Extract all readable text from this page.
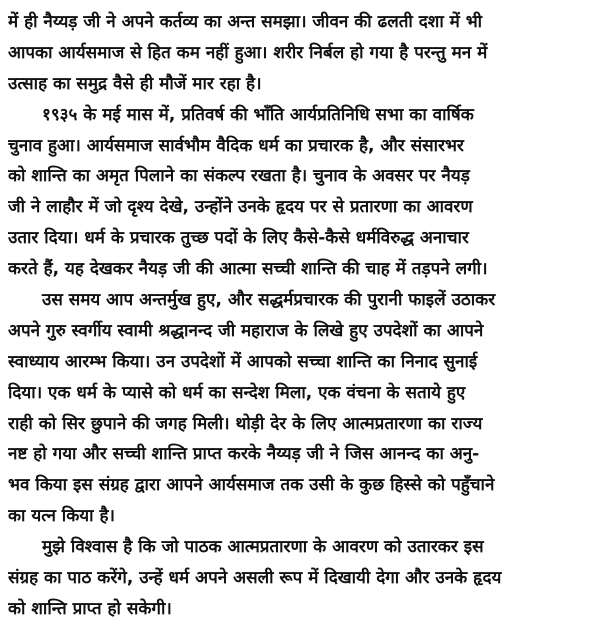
में ही नैय्यड़ जी ने अपने कर्तव्य का अन्त समझा। जीवन की ढलती दशा में भी
आपका आर्यसमाज से हित कम नहीं हुआ। शरीर निर्बल हो गया है परन्तु मन में
उत्साह का समुद्र वैसे ही मौजें मार रहा है।
१९३५ के मई मास में, प्रतिवर्ष की भाँति आर्यप्रतिनिधि सभा का वार्षिक
चुनाव हुआ। आर्यसमाज सार्वभौम वैदिक धर्म का प्रचारक है, और संसारभर
को शान्ति का अमृत पिलाने का संकल्प रखता है। चुनाव के अवसर पर नैयड़
जी ने लाहौर में जो दृश्य देखे, उन्होंने उनके हृदय पर से प्रतारणा का आवरण
उतार दिया। धर्म के प्रचारक तुच्छ पदों के लिए कैसे-कैसे धर्मविरुद्ध अनाचार
करते हैं, यह देखकर नैयड़ जी की आत्मा सच्ची शान्ति की चाह में तड़पने लगी।
उस समय आप अन्तर्मुख हुए, और सद्धर्मप्रचारक की पुरानी फाइलें उठाकर
अपने गुरु स्वर्गीय स्वामी श्रद्धानन्द जी महाराज के लिखे हुए उपदेशों का आपने
स्वाध्याय आरम्भ किया। उन उपदेशों में आपको सच्चा शान्ति का निनाद सुनाई
दिया। एक धर्म के प्यासे को धर्म का सन्देश मिला, एक वंचना के सताये हुए
राही को सिर छुपाने की जगह मिली। थोड़ी देर के लिए आत्मप्रतारणा का राज्य
नष्ट हो गया और सच्ची शान्ति प्राप्त करके नैय्यड़ जी ने जिस आनन्द का अनु-
भव किया इस संग्रह द्वारा आपने आर्यसमाज तक उसी के कुछ हिस्से को पहुँचाने
का यत्न किया है।
मुझे विश्वास है कि जो पाठक आत्मप्रतारणा के आवरण को उतारकर इस
संग्रह का पाठ करेंगे, उन्हें धर्म अपने असली रूप में दिखायी देगा और उनके हृदय
को शान्ति प्राप्त हो सकेगी।
